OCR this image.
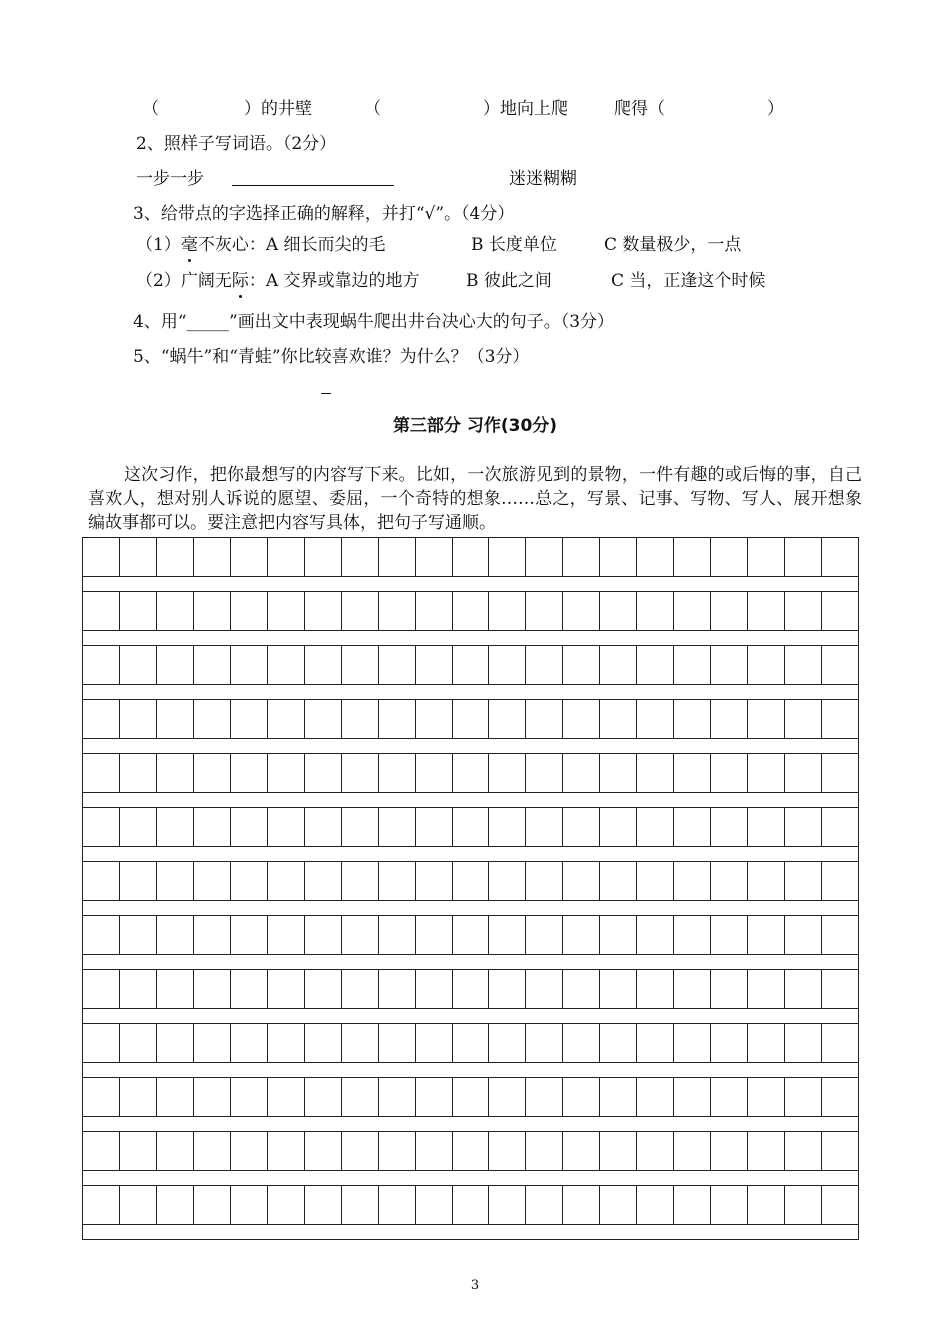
（　　　　　）的井壁	（　　　　　　）地向上爬	爬得（　　　　　　）
2、照样子写词语。（2分）
一步一步	迷迷糊糊
3、给带点的字选择正确的解释，并打“√”。（4分）
（1）毫不灰心：A 细长而尖的毛	B 长度单位	C 数量极少，一点
（2）广阔无际：A 交界或靠边的地方	B 彼此之间	C 当，正逢这个时候
4、用“_____”画出文中表现蜗牛爬出井台决心大的句子。（3分）
5、“蜗牛”和“青蛙”你比较喜欢谁？为什么？（3分）
第三部分 习作(30分)
这次习作，把你最想写的内容写下来。比如，一次旅游见到的景物，一件有趣的或后悔的事，自己喜欢人，想对别人诉说的愿望、委屈，一个奇特的想象……总之，写景、记事、写物、写人、展开想象编故事都可以。要注意把内容写具体，把句子写通顺。
3
